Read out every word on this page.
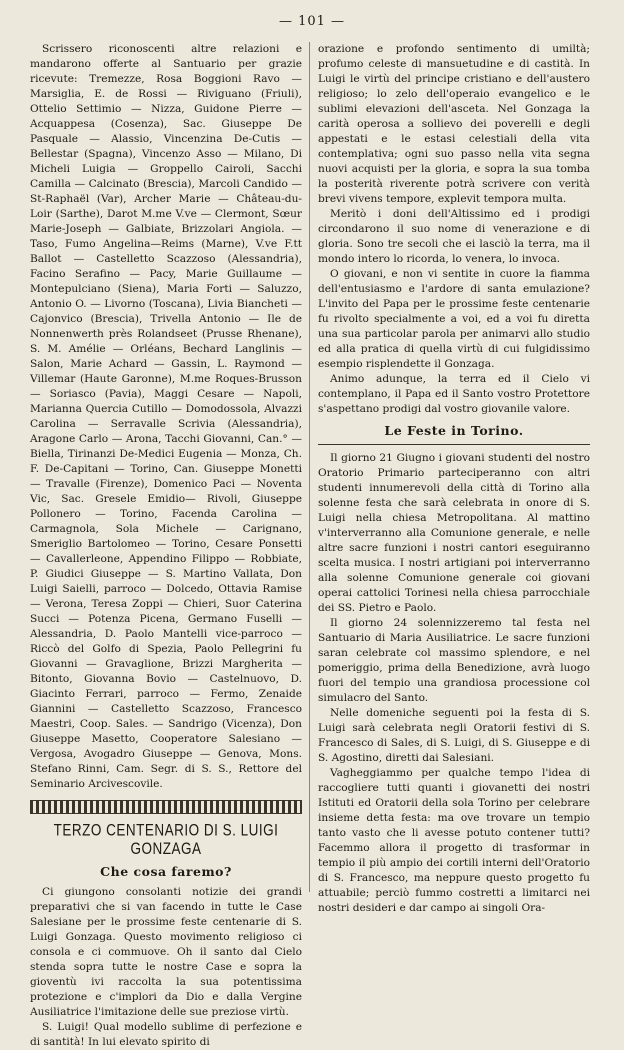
— 101 —

Scrissero riconoscenti altre relazioni e mandarono offerte al Santuario per grazie ricevute: Tremezze, Rosa Boggioni Ravo — Marsiglia, E. de Rossi — Riviguano (Friuli), Ottelio Settimio — Nizza, Guidone Pierre — Acquappesa (Cosenza), Sac. Giuseppe De Pasquale — Alassio, Vincenzina De-Cutis — Bellestar (Spagna), Vincenzo Asso — Milano, Di Micheli Luigia — Groppello Cairoli, Sacchi Camilla — Calcinato (Brescia), Marcoli Candido — St-Raphaël (Var), Archer Marie — Château-du-Loir (Sarthe), Darot M.me V.ve — Clermont, Sœur Marie-Joseph — Galbiate, Brizzolari Angiola. — Taso, Fumo Angelina—Reims (Marne), V.ve F.tt Ballot — Castelletto Scazzoso (Alessandria), Facino Serafino — Pacy, Marie Guillaume — Montepulciano (Siena), Maria Forti — Saluzzo, Antonio O. — Livorno (Toscana), Livia Biancheti — Cajonvico (Brescia), Trivella Antonio — Ile de Nonnenwerth près Rolandseet (Prusse Rhenane), S. M. Amélie — Orléans, Bechard Langlinis — Salon, Marie Achard — Gassin, L. Raymond — Villemar (Haute Garonne), M.me Roques-Brusson — Soriasco (Pavia), Maggi Cesare — Napoli, Marianna Quercia Cutillo — Domodossola, Alvazzi Carolina — Serravalle Scrivia (Alessandria), Aragone Carlo — Arona, Tacchi Giovanni, Can.° — Biella, Tirinanzi De-Medici Eugenia — Monza, Ch. F. De-Capitani — Torino, Can. Giuseppe Monetti — Travalle (Firenze), Domenico Paci — Noventa Vic, Sac. Gresele Emidio— Rivoli, Giuseppe Pollonero — Torino, Facenda Carolina — Carmagnola, Sola Michele — Carignano, Smeriglio Bartolomeo — Torino, Cesare Ponsetti — Cavallerleone, Appendino Filippo — Robbiate, P. Giudici Giuseppe — S. Martino Vallata, Don Luigi Saielli, parroco — Dolcedo, Ottavia Ramise — Verona, Teresa Zoppi — Chieri, Suor Caterina Succi — Potenza Picena, Germano Fuselli — Alessandria, D. Paolo Mantelli vice-parroco — Riccò del Golfo di Spezia, Paolo Pellegrini fu Giovanni — Gravaglione, Brizzi Margherita — Bitonto, Giovanna Bovio — Castelnuovo, D. Giacinto Ferrari, parroco — Fermo, Zenaide Giannini — Castelletto Scazzoso, Francesco Maestri, Coop. Sales. — Sandrigo (Vicenza), Don Giuseppe Masetto, Cooperatore Salesiano — Vergosa, Avogadro Giuseppe — Genova, Mons. Stefano Rinni, Cam. Segr. di S. S., Rettore del Seminario Arcivescovile.

TERZO CENTENARIO DI S. LUIGI GONZAGA
Che cosa faremo?

Ci giungono consolanti notizie dei grandi preparativi che si van facendo in tutte le Case Salesiane per le prossime feste centenarie di S. Luigi Gonzaga. Questo movimento religioso ci consola e ci commuove. Oh il santo dal Cielo stenda sopra tutte le nostre Case e sopra la gioventù ivi raccolta la sua potentissima protezione e c'implori da Dio e dalla Vergine Ausiliatrice l'imitazione delle sue preziose virtù.

S. Luigi! Qual modello sublime di perfezione e di santità! In lui elevato spirito di

orazione e profondo sentimento di umiltà; profumo celeste di mansuetudine e di castità. In Luigi le virtù del principe cristiano e dell'austero religioso; lo zelo dell'operaio evangelico e le sublimi elevazioni dell'asceta. Nel Gonzaga la carità operosa a sollievo dei poverelli e degli appestati e le estasi celestiali della vita contemplativa; ogni suo passo nella vita segna nuovi acquisti per la gloria, e sopra la sua tomba la posterità riverente potrà scrivere con verità brevi vivens tempore, explevit tempora multa.

Meritò i doni dell'Altissimo ed i prodigi circondarono il suo nome di venerazione e di gloria. Sono tre secoli che ei lasciò la terra, ma il mondo intero lo ricorda, lo venera, lo invoca.

O giovani, e non vi sentite in cuore la fiamma dell'entusiasmo e l'ardore di santa emulazione? L'invito del Papa per le prossime feste centenarie fu rivolto specialmente a voi, ed a voi fu diretta una sua particolar parola per animarvi allo studio ed alla pratica di quella virtù di cui fulgidissimo esempio risplendette il Gonzaga.

Animo adunque, la terra ed il Cielo vi contemplano, il Papa ed il Santo vostro Protettore s'aspettano prodigi dal vostro giovanile valore.

Le Feste in Torino.

Il giorno 21 Giugno i giovani studenti del nostro Oratorio Primario parteciperanno con altri studenti innumerevoli della città di Torino alla solenne festa che sarà celebrata in onore di S. Luigi nella chiesa Metropolitana. Al mattino v'interverranno alla Comunione generale, e nelle altre sacre funzioni i nostri cantori eseguiranno scelta musica. I nostri artigiani poi interverranno alla solenne Comunione generale coi giovani operai cattolici Torinesi nella chiesa parrocchiale dei SS. Pietro e Paolo.

Il giorno 24 solennizzeremo tal festa nel Santuario di Maria Ausiliatrice. Le sacre funzioni saran celebrate col massimo splendore, e nel pomeriggio, prima della Benedizione, avrà luogo fuori del tempio una grandiosa processione col simulacro del Santo.

Nelle domeniche seguenti poi la festa di S. Luigi sarà celebrata negli Oratorii festivi di S. Francesco di Sales, di S. Luigi, di S. Giuseppe e di S. Agostino, diretti dai Salesiani.

Vagheggiammo per qualche tempo l'idea di raccogliere tutti quanti i giovanetti dei nostri Istituti ed Oratorii della sola Torino per celebrare insieme detta festa: ma ove trovare un tempio tanto vasto che li avesse potuto contener tutti? Facemmo allora il progetto di trasformar in tempio il più ampio dei cortili interni dell'Oratorio di S. Francesco, ma neppure questo progetto fu attuabile; perciò fummo costretti a limitarci nei nostri desideri e dar campo ai singoli Ora-
